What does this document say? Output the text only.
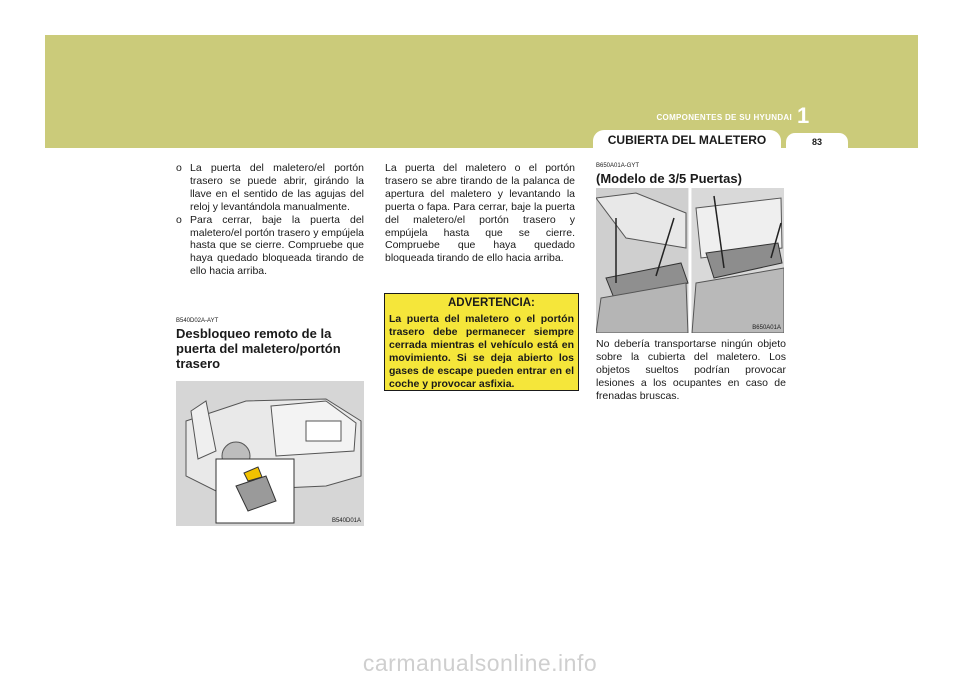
COMPONENTES DE SU HYUNDAI 1
CUBIERTA DEL MALETERO	83
o La puerta del maletero/el portón trasero se puede abrir, girándo la llave en el sentido de las agujas del reloj y levantándola manualmente.
o Para cerrar, baje la puerta del maletero/el portón trasero y empújela hasta que se cierre. Compruebe que haya quedado bloqueada tirando de ello hacia arriba.
B540D02A-AYT
Desbloqueo remoto de la puerta del maletero/portón trasero
B540D01A
La puerta del maletero o el portón trasero se abre tirando de la palanca de apertura del maletero y levantando la puerta o fapa. Para cerrar, baje la puerta del maletero/el portón trasero y empújela hasta que se cierre. Compruebe que haya quedado bloqueada tirando de ello hacia arriba.
ADVERTENCIA:
La puerta del maletero o el portón trasero debe permanecer siempre cerrada mientras el vehículo está en movimiento. Si se deja abierto los gases de escape pueden entrar en el coche y provocar asfixia.
B650A01A-GYT
(Modelo de 3/5 Puertas)
B650A01A
No debería transportarse ningún objeto sobre la cubierta del maletero. Los objetos sueltos podrían provocar lesiones a los ocupantes en caso de frenadas bruscas.
carmanualsonline.info
